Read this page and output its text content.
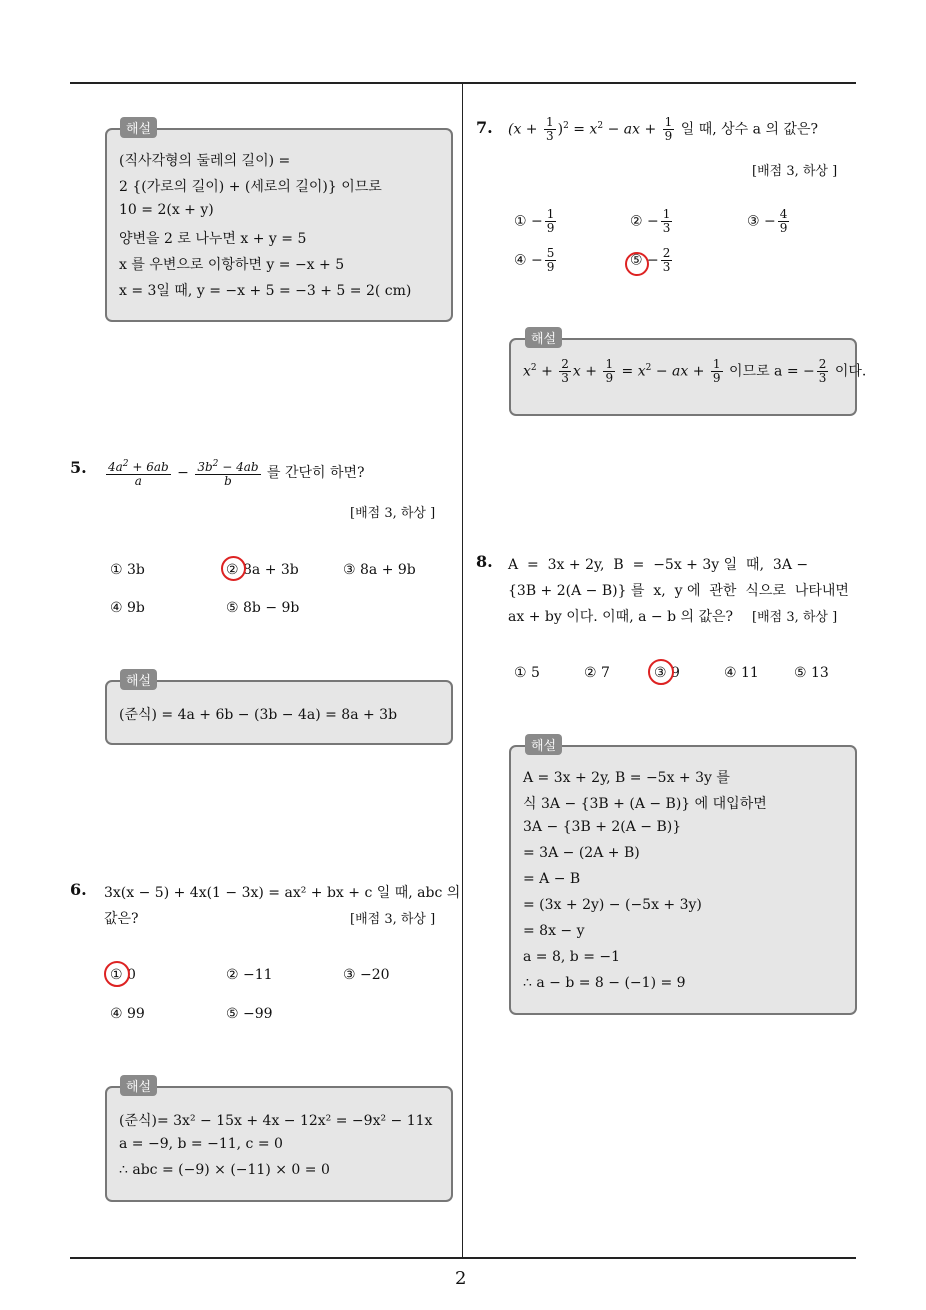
2
(직사각형의 둘레의 길이) =
2 {(가로의 길이) + (세로의 길이)} 이므로
10 = 2(x + y)
양변을 2 로 나누면 x + y = 5
x 를 우변으로 이항하면 y = −x + 5
x = 3일 때, y = −x + 5 = −3 + 5 = 2( cm)
해설
5. $\frac{4a^2 + 6ab}{a} - \frac{3b^2 - 4ab}{b}$ 를 간단히 하면?
[배점 3, 하상 ]
① 3b	② 8a + 3b	③ 8a + 9b
④ 9b	⑤ 8b − 9b
(준식) = 4a + 6b − (3b − 4a) = 8a + 3b
해설
6. 3x(x − 5) + 4x(1 − 3x) = ax² + bx + c 일 때, abc 의
값은?	[배점 3, 하상 ]
① 0	② −11	③ −20
④ 99	⑤ −99
(준식)= 3x² − 15x + 4x − 12x² = −9x² − 11x
a = −9, b = −11, c = 0
∴ abc = (−9) × (−11) × 0 = 0
해설
7. $(x + \frac{1}{3} )^2 = x^2$ − ax + $\frac{1}{9}$ 일 때, 상수 a 의 값은?
[배점 3, 하상 ]
① − $\frac{1}{9}$	② − $\frac{1}{3}$	③ − $\frac{4}{9}$
④ − $\frac{5}{9}$	⑤ − $\frac{2}{3}$
$x^2 + \frac{2}{3}$ $x + \frac{1}{9} = x^2$ − ax + $\frac{1}{9}$ 이므로 a = − $\frac{2}{3}$ 이다.
해설
8. A  =  3x + 2y,  B  =  −5x + 3y 일  때,  3A −
{3B + 2(A − B)} 를  x,  y 에  관한  식으로  나타내면
ax + by 이다. 이때, a − b 의 값은? [배점 3, 하상 ]
① 5	② 7	③ 9	④ 11	⑤ 13
A = 3x + 2y, B = −5x + 3y 를
식 3A − {3B + (A − B)} 에 대입하면
3A − {3B + 2(A − B)}
= 3A − (2A + B)
= A − B
= (3x + 2y) − (−5x + 3y)
= 8x − y
a = 8, b = −1
∴ a − b = 8 − (−1) = 9
해설
